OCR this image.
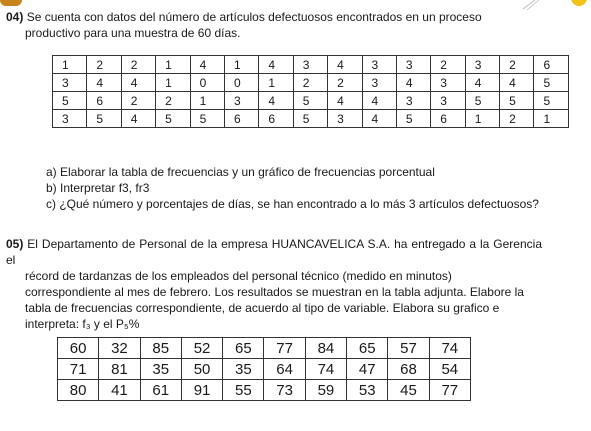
04) Se cuenta con datos del número de artículos defectuosos encontrados en un proceso
productivo para una muestra de 60 días.
1	2	2	1	4	1	4	3	4	3	3	2	3	2	6
3	4	4	1	0	0	1	2	2	3	4	3	4	4	5
5	6	2	2	1	3	4	5	4	4	3	3	5	5	5
3	5	4	5	5	6	6	5	3	4	5	6	1	2	1
a) Elaborar la tabla de frecuencias y un gráfico de frecuencias porcentual
b) Interpretar f3, fr3
c) ¿Qué número y porcentajes de días, se han encontrado a lo más 3 artículos defectuosos?
05) El Departamento de Personal de la empresa HUANCAVELICA S.A. ha entregado a la Gerencia el
récord de tardanzas de los empleados del personal técnico (medido en minutos)
correspondiente al mes de febrero. Los resultados se muestran en la tabla adjunta. Elabore la
tabla de frecuencias correspondiente, de acuerdo al tipo de variable. Elabora su grafico e
interpreta: f₃ y el P₅%
60	32	85	52	65	77	84	65	57	74
71	81	35	50	35	64	74	47	68	54
80	41	61	91	55	73	59	53	45	77
